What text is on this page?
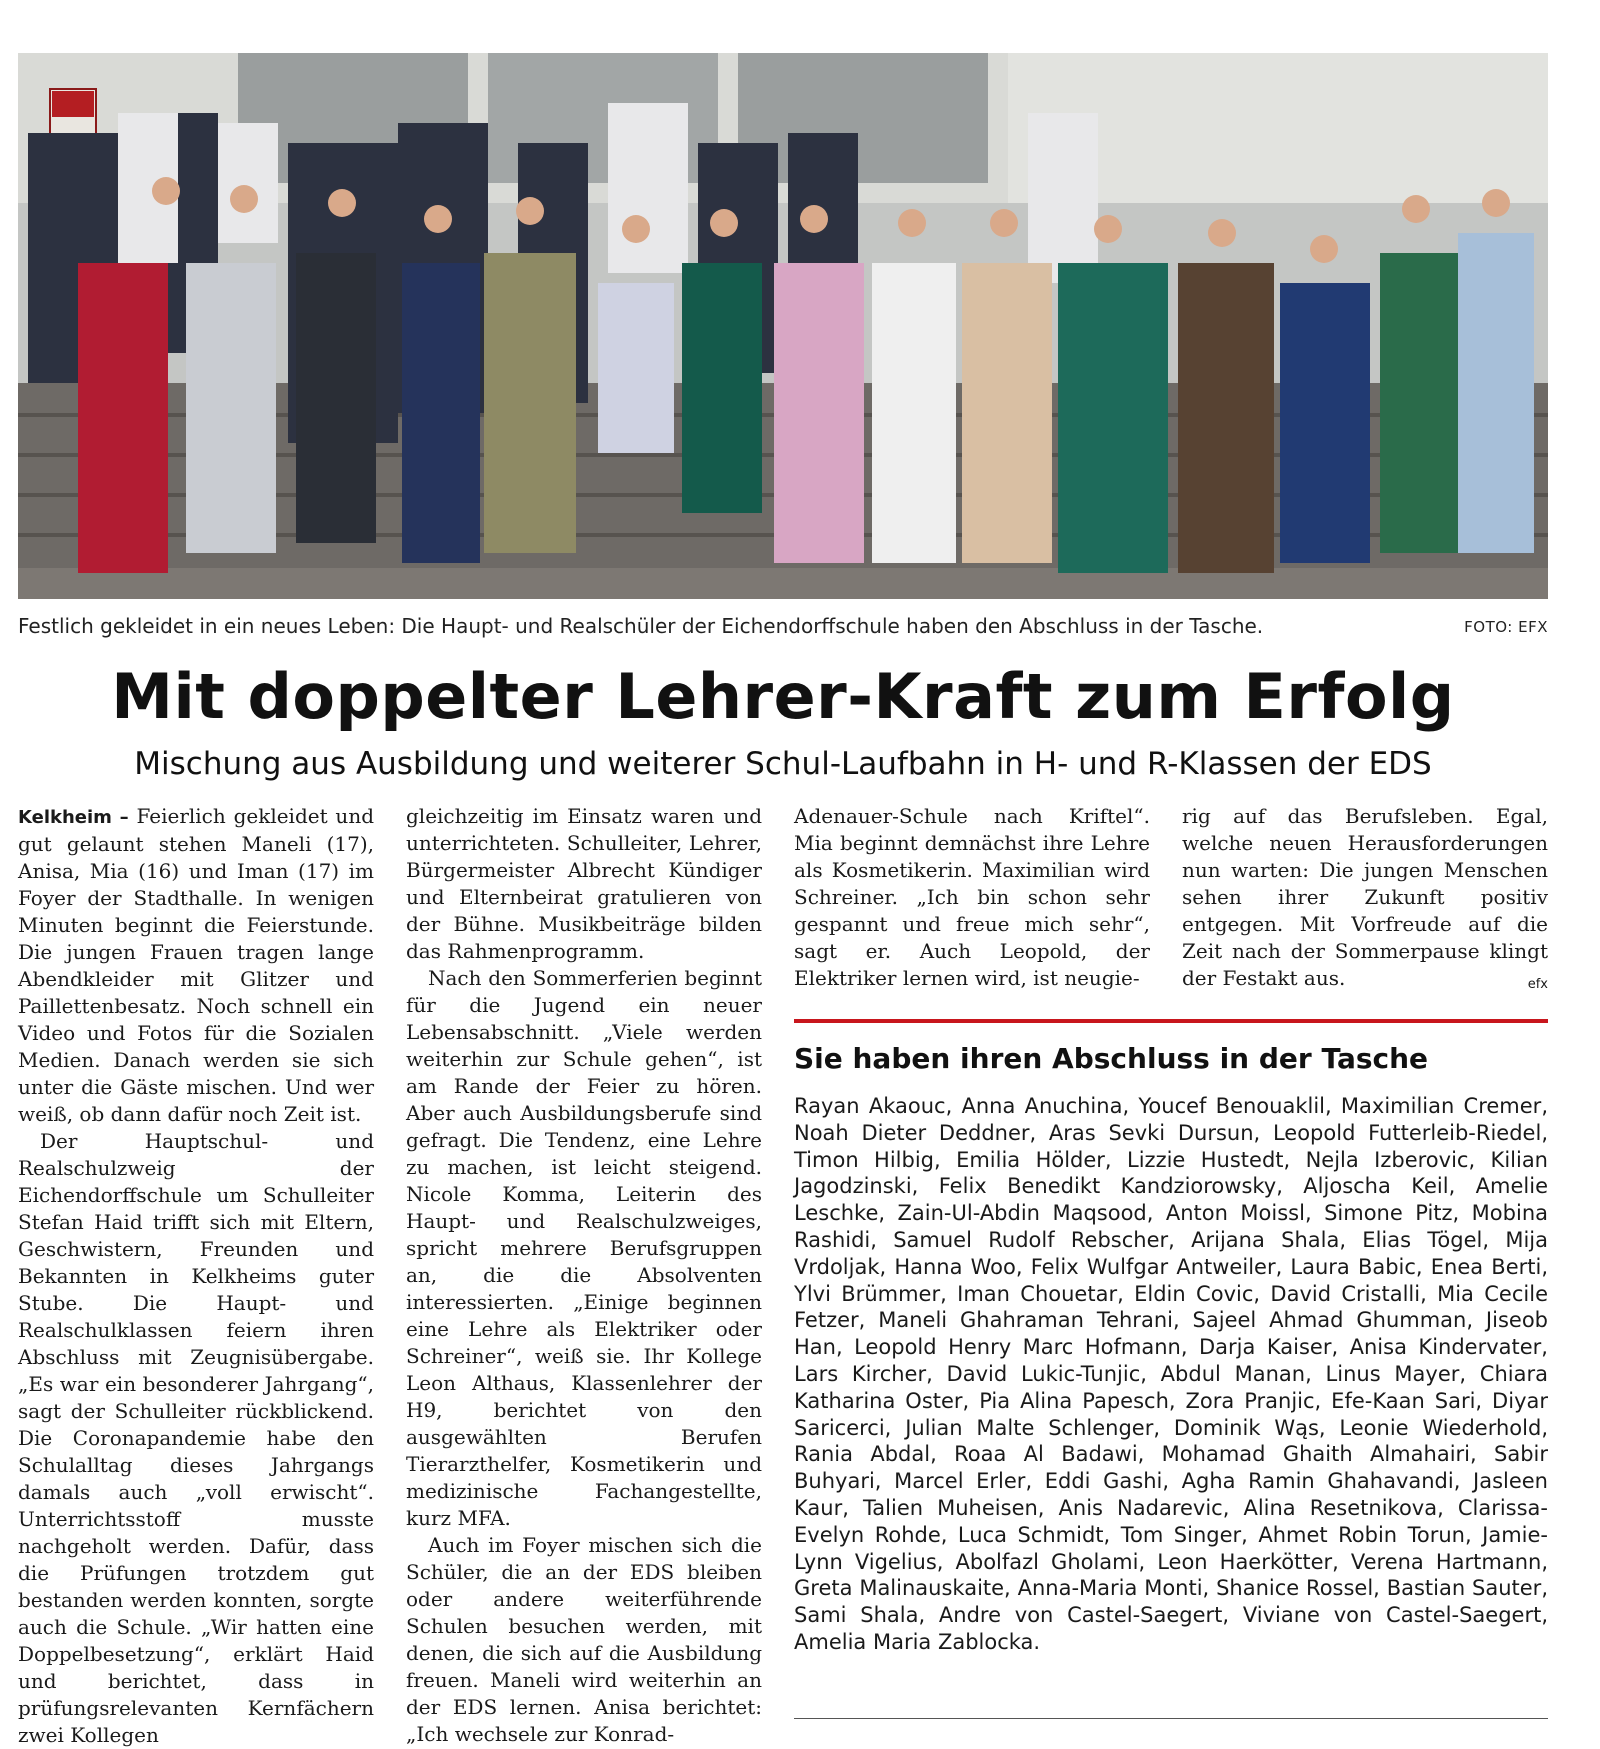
Festlich gekleidet in ein neues Leben: Die Haupt- und Realschüler der Eichendorffschule haben den Abschluss in der Tasche.	FOTO: EFX
Mit doppelter Lehrer-Kraft zum Erfolg
Mischung aus Ausbildung und weiterer Schul-Laufbahn in H- und R-Klassen der EDS

Kelkheim – Feierlich gekleidet und gut gelaunt stehen Maneli (17), Anisa, Mia (16) und Iman (17) im Foyer der Stadthalle. In wenigen Minuten beginnt die Feierstunde. Die jungen Frauen tragen lange Abendkleider mit Glitzer und Paillettenbesatz. Noch schnell ein Video und Fotos für die Sozialen Medien. Danach werden sie sich unter die Gäste mischen. Und wer weiß, ob dann dafür noch Zeit ist.

Der Hauptschul- und Realschulzweig der Eichendorffschule um Schulleiter Stefan Haid trifft sich mit Eltern, Geschwistern, Freunden und Bekannten in Kelkheims guter Stube. Die Haupt- und Realschulklassen feiern ihren Abschluss mit Zeugnisübergabe. „Es war ein besonderer Jahrgang“, sagt der Schulleiter rückblickend. Die Coronapandemie habe den Schulalltag dieses Jahrgangs damals auch „voll erwischt“. Unterrichtsstoff musste nachgeholt werden. Dafür, dass die Prüfungen trotzdem gut bestanden werden konnten, sorgte auch die Schule. „Wir hatten eine Doppelbesetzung“, erklärt Haid und berichtet, dass in prüfungsrelevanten Kernfächern zwei Kollegen

gleichzeitig im Einsatz waren und unterrichteten. Schulleiter, Lehrer, Bürgermeister Albrecht Kündiger und Elternbeirat gratulieren von der Bühne. Musikbeiträge bilden das Rahmenprogramm.

Nach den Sommerferien beginnt für die Jugend ein neuer Lebensabschnitt. „Viele werden weiterhin zur Schule gehen“, ist am Rande der Feier zu hören. Aber auch Ausbildungsberufe sind gefragt. Die Tendenz, eine Lehre zu machen, ist leicht steigend. Nicole Komma, Leiterin des Haupt- und Realschulzweiges, spricht mehrere Berufsgruppen an, die die Absolventen interessierten. „Einige beginnen eine Lehre als Elektriker oder Schreiner“, weiß sie. Ihr Kollege Leon Althaus, Klassenlehrer der H9, berichtet von den ausgewählten Berufen Tierarzthelfer, Kosmetikerin und medizinische Fachangestellte, kurz MFA.

Auch im Foyer mischen sich die Schüler, die an der EDS bleiben oder andere weiterführende Schulen besuchen werden, mit denen, die sich auf die Ausbildung freuen. Maneli wird weiterhin an der EDS lernen. Anisa berichtet: „Ich wechsele zur Konrad-

Adenauer-Schule nach Kriftel“. Mia beginnt demnächst ihre Lehre als Kosmetikerin. Maximilian wird Schreiner. „Ich bin schon sehr gespannt und freue mich sehr“, sagt er. Auch Leopold, der Elektriker lernen wird, ist neugie-

rig auf das Berufsleben. Egal, welche neuen Herausforderungen nun warten: Die jungen Menschen sehen ihrer Zukunft positiv entgegen. Mit Vorfreude auf die Zeit nach der Sommerpause klingt der Festakt aus.	efx

Sie haben ihren Abschluss in der Tasche
Rayan Akaouc, Anna Anuchina, Youcef Benouaklil, Maximilian Cremer, Noah Dieter Deddner, Aras Sevki Dursun, Leopold Futterleib-Riedel, Timon Hilbig, Emilia Hölder, Lizzie Hustedt, Nejla Izberovic, Kilian Jagodzinski, Felix Benedikt Kandziorowsky, Aljoscha Keil, Amelie Leschke, Zain-Ul-Abdin Maqsood, Anton Moissl, Simone Pitz, Mobina Rashidi, Samuel Rudolf Rebscher, Arijana Shala, Elias Tögel, Mija Vrdoljak, Hanna Woo, Felix Wulfgar Antweiler, Laura Babic, Enea Berti, Ylvi Brümmer, Iman Chouetar, Eldin Covic, David Cristalli, Mia Cecile Fetzer, Maneli Ghahraman Tehrani, Sajeel Ahmad Ghumman, Jiseob Han, Leopold Henry Marc Hofmann, Darja Kaiser, Anisa Kindervater, Lars Kircher, David Lukic-Tunjic, Abdul Manan, Linus Mayer, Chiara Katharina Oster, Pia Alina Papesch, Zora Pranjic, Efe-Kaan Sari, Diyar Saricerci, Julian Malte Schlenger, Dominik Wąs, Leonie Wiederhold, Rania Abdal, Roaa Al Badawi, Mohamad Ghaith Almahairi, Sabir Buhyari, Marcel Erler, Eddi Gashi, Agha Ramin Ghahavandi, Jasleen Kaur, Talien Muheisen, Anis Nadarevic, Alina Resetnikova, Clarissa-Evelyn Rohde, Luca Schmidt, Tom Singer, Ahmet Robin Torun, Jamie-Lynn Vigelius, Abolfazl Gholami, Leon Haerkötter, Verena Hartmann, Greta Malinauskaite, Anna-Maria Monti, Shanice Rossel, Bastian Sauter, Sami Shala, Andre von Castel-Saegert, Viviane von Castel-Saegert, Amelia Maria Zablocka.
